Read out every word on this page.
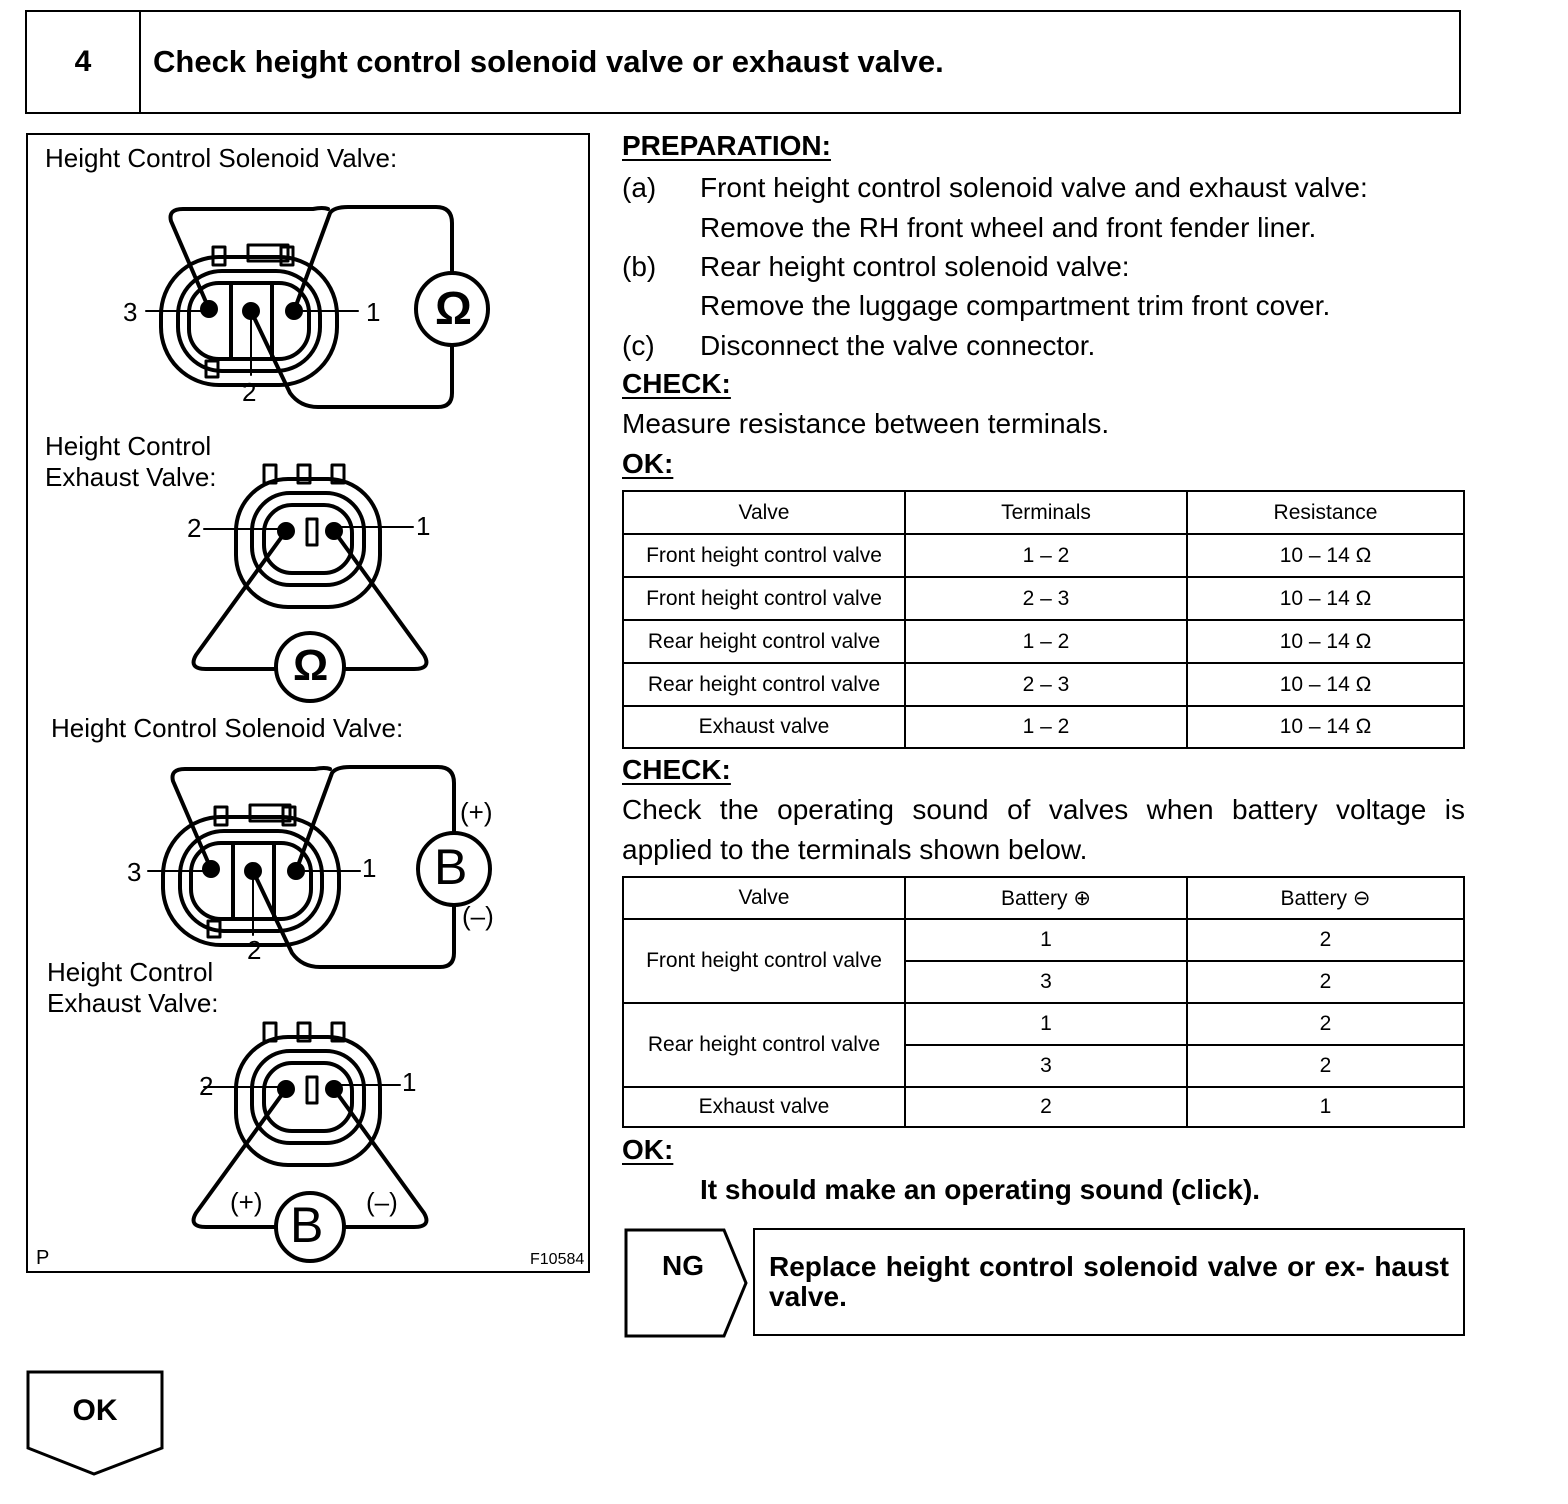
4	Check height control solenoid valve or exhaust valve.
Height Control Solenoid Valve:
Height Control
Exhaust Valve:
Height Control Solenoid Valve:
Height Control
Exhaust Valve:
3	1
2
Ω
2	1
Ω
3	1
2
B
(+)
(–)
2	1
B
(+)	(–)
P	F10584
PREPARATION:
(a) Front height control solenoid valve and exhaust valve:
Remove the RH front wheel and front fender liner.
(b) Rear height control solenoid valve:
Remove the luggage compartment trim front cover.
(c) Disconnect the valve connector.
CHECK:
Measure resistance between terminals.
OK:
Valve	Terminals	Resistance
Front height control valve	1 – 2	10 – 14 Ω
Front height control valve	2 – 3	10 – 14 Ω
Rear height control valve	1 – 2	10 – 14 Ω
Rear height control valve	2 – 3	10 – 14 Ω
Exhaust valve	1 – 2	10 – 14 Ω
CHECK:
Check the operating sound of valves when battery voltage is
applied to the terminals shown below.
Valve	Battery ⊕	Battery ⊖
Front height control valve	1	2
	3	2
Rear height control valve	1	2
	3	2
Exhaust valve	2	1
OK:
It should make an operating sound (click).
NG	Replace height control solenoid valve or ex- haust valve.
OK
